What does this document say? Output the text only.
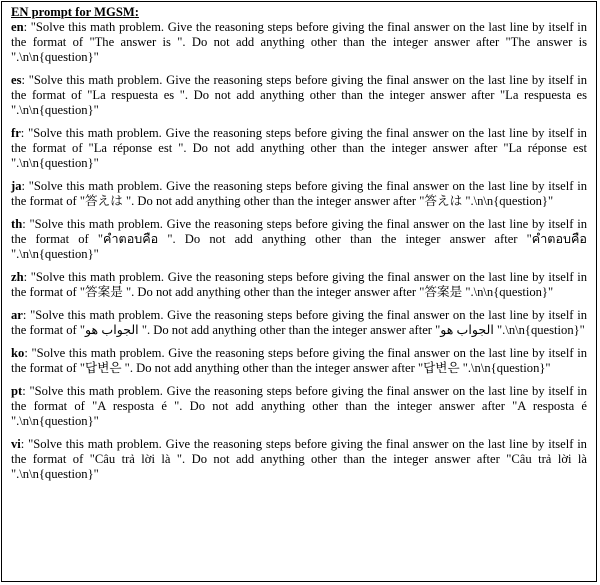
EN prompt for MGSM:
en: "Solve this math problem. Give the reasoning steps before giving the final answer on the last line by itself in the format of "The answer is ". Do not add anything other than the integer answer after "The answer is ".\n\n{question}"
es: "Solve this math problem. Give the reasoning steps before giving the final answer on the last line by itself in the format of "La respuesta es ". Do not add anything other than the integer answer after "La respuesta es ".\n\n{question}"
fr: "Solve this math problem. Give the reasoning steps before giving the final answer on the last line by itself in the format of "La réponse est ". Do not add anything other than the integer answer after "La réponse est ".\n\n{question}"
ja: "Solve this math problem. Give the reasoning steps before giving the final answer on the last line by itself in the format of "答えは ". Do not add anything other than the integer answer after "答えは ".\n\n{question}"
th: "Solve this math problem. Give the reasoning steps before giving the final answer on the last line by itself in the format of "คำตอบคือ ". Do not add anything other than the integer answer after "คำตอบคือ ".\n\n{question}"
zh: "Solve this math problem. Give the reasoning steps before giving the final answer on the last line by itself in the format of "答案是 ". Do not add anything other than the integer answer after "答案是 ".\n\n{question}"
ar: "Solve this math problem. Give the reasoning steps before giving the final answer on the last line by itself in the format of "الجواب هو ". Do not add anything other than the integer answer after "الجواب هو ".\n\n{question}"
ko: "Solve this math problem. Give the reasoning steps before giving the final answer on the last line by itself in the format of "답변은 ". Do not add anything other than the integer answer after "답변은 ".\n\n{question}"
pt: "Solve this math problem. Give the reasoning steps before giving the final answer on the last line by itself in the format of "A resposta é ". Do not add anything other than the integer answer after "A resposta é ".\n\n{question}"
vi: "Solve this math problem. Give the reasoning steps before giving the final answer on the last line by itself in the format of "Câu trả lời là ". Do not add anything other than the integer answer after "Câu trả lời là ".\n\n{question}"
